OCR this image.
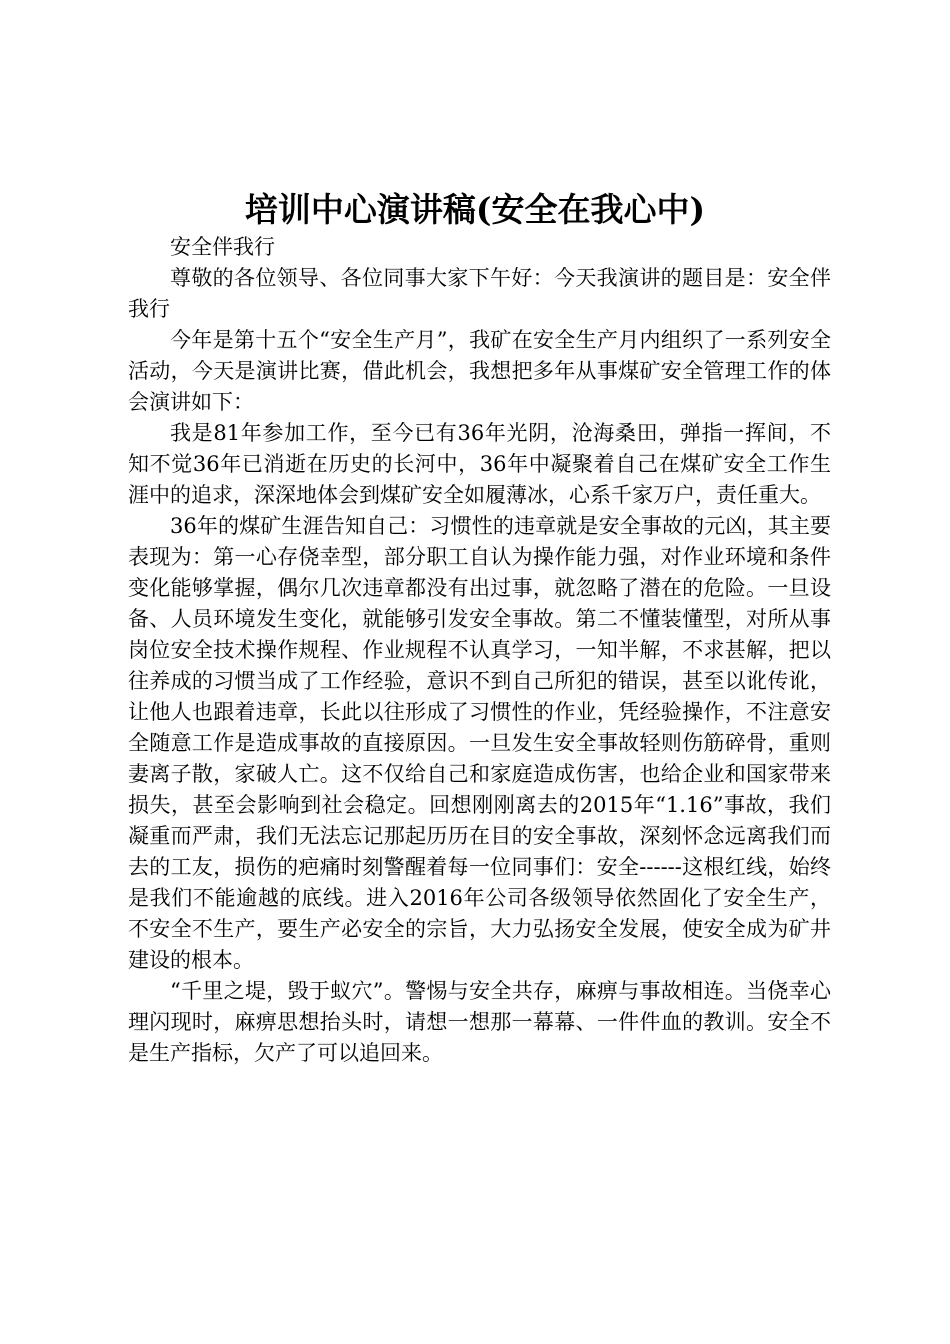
培训中心演讲稿(安全在我心中)

安全伴我行

尊敬的各位领导、各位同事大家下午好：今天我演讲的题目是：安全伴我行

今年是第十五个“安全生产月”，我矿在安全生产月内组织了一系列安全活动，今天是演讲比赛，借此机会，我想把多年从事煤矿安全管理工作的体会演讲如下：

我是81年参加工作，至今已有36年光阴，沧海桑田，弹指一挥间，不知不觉36年已消逝在历史的长河中，36年中凝聚着自己在煤矿安全工作生涯中的追求，深深地体会到煤矿安全如履薄冰，心系千家万户，责任重大。

36年的煤矿生涯告知自己：习惯性的违章就是安全事故的元凶，其主要表现为：第一心存侥幸型，部分职工自认为操作能力强，对作业环境和条件变化能够掌握，偶尔几次违章都没有出过事，就忽略了潜在的危险。一旦设备、人员环境发生变化，就能够引发安全事故。第二不懂装懂型，对所从事岗位安全技术操作规程、作业规程不认真学习，一知半解，不求甚解，把以往养成的习惯当成了工作经验，意识不到自己所犯的错误，甚至以讹传讹，让他人也跟着违章，长此以往形成了习惯性的作业，凭经验操作，不注意安全随意工作是造成事故的直接原因。一旦发生安全事故轻则伤筋碎骨，重则妻离子散，家破人亡。这不仅给自己和家庭造成伤害，也给企业和国家带来损失，甚至会影响到社会稳定。回想刚刚离去的2015年“1.16”事故，我们凝重而严肃，我们无法忘记那起历历在目的安全事故，深刻怀念远离我们而去的工友，损伤的疤痛时刻警醒着每一位同事们：安全------这根红线，始终是我们不能逾越的底线。进入2016年公司各级领导依然固化了安全生产，不安全不生产，要生产必安全的宗旨，大力弘扬安全发展，使安全成为矿井建设的根本。

“千里之堤，毁于蚁穴”。警惕与安全共存，麻痹与事故相连。当侥幸心理闪现时，麻痹思想抬头时，请想一想那一幕幕、一件件血的教训。安全不是生产指标，欠产了可以追回来。
